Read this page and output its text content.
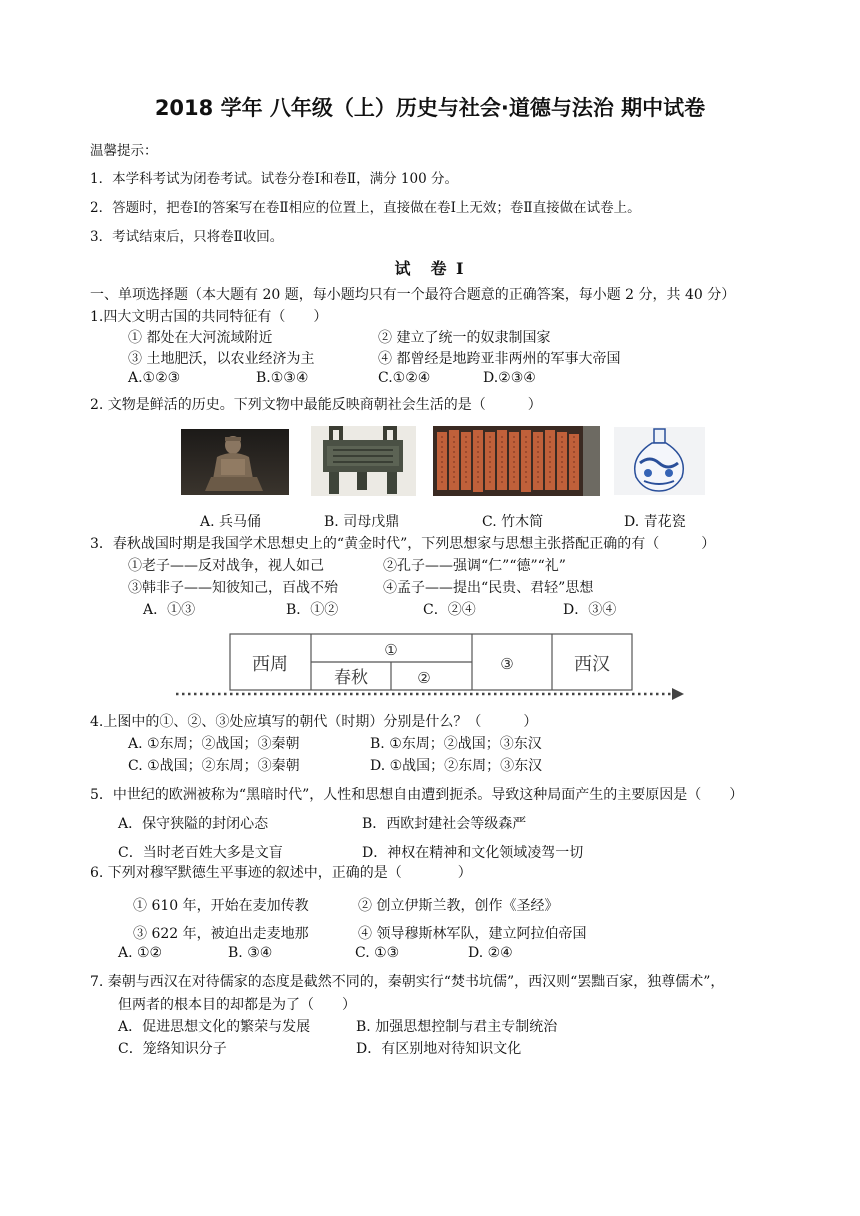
2018 学年 八年级（上）历史与社会·道德与法治 期中试卷
温馨提示：
1．本学科考试为闭卷考试。试卷分卷Ⅰ和卷Ⅱ，满分 100 分。
2．答题时，把卷Ⅰ的答案写在卷Ⅱ相应的位置上，直接做在卷Ⅰ上无效；卷Ⅱ直接做在试卷上。
3．考试结束后，只将卷Ⅱ收回。
试　卷 Ⅰ
一、单项选择题（本大题有 20 题，每小题均只有一个最符合题意的正确答案，每小题 2 分，共 40 分）
1.四大文明古国的共同特征有（　　）
① 都处在大河流域附近	② 建立了统一的奴隶制国家
③ 土地肥沃，以农业经济为主	④ 都曾经是地跨亚非两州的军事大帝国
A.①②③	B.①③④	C.①②④	D.②③④
2. 文物是鲜活的历史。下列文物中最能反映商朝社会生活的是（　　　）
A. 兵马俑	B. 司母戊鼎	C. 竹木简	D. 青花瓷
3．春秋战国时期是我国学术思想史上的“黄金时代”，下列思想家与思想主张搭配正确的有（　　　）
①老子——反对战争，视人如己	②孔子——强调“仁”“德”“礼”
③韩非子——知彼知己，百战不殆	④孟子——提出“民贵、君轻”思想
A．①③	B．①②	C．②④	D．③④
西周
①
春秋	②
③	西汉
4.上图中的①、②、③处应填写的朝代（时期）分别是什么？（　　　）
A. ①东周；②战国；③秦朝	B. ①东周；②战国；③东汉
C. ①战国；②东周；③秦朝	D. ①战国；②东周；③东汉
5．中世纪的欧洲被称为“黑暗时代”，人性和思想自由遭到扼杀。导致这种局面产生的主要原因是（　　）
A．保守狭隘的封闭心态	B．西欧封建社会等级森严
C．当时老百姓大多是文盲	D．神权在精神和文化领域凌驾一切
6. 下列对穆罕默德生平事迹的叙述中，正确的是（　　　　）
① 610 年，开始在麦加传教	② 创立伊斯兰教，创作《圣经》
③ 622 年，被迫出走麦地那	④ 领导穆斯林军队，建立阿拉伯帝国
A. ①②	B. ③④	C. ①③	D. ②④
7. 秦朝与西汉在对待儒家的态度是截然不同的，秦朝实行“焚书坑儒”，西汉则“罢黜百家，独尊儒术”，
但两者的根本目的却都是为了（　　）
A．促进思想文化的繁荣与发展	B. 加强思想控制与君主专制统治
C．笼络知识分子	D．有区别地对待知识文化
